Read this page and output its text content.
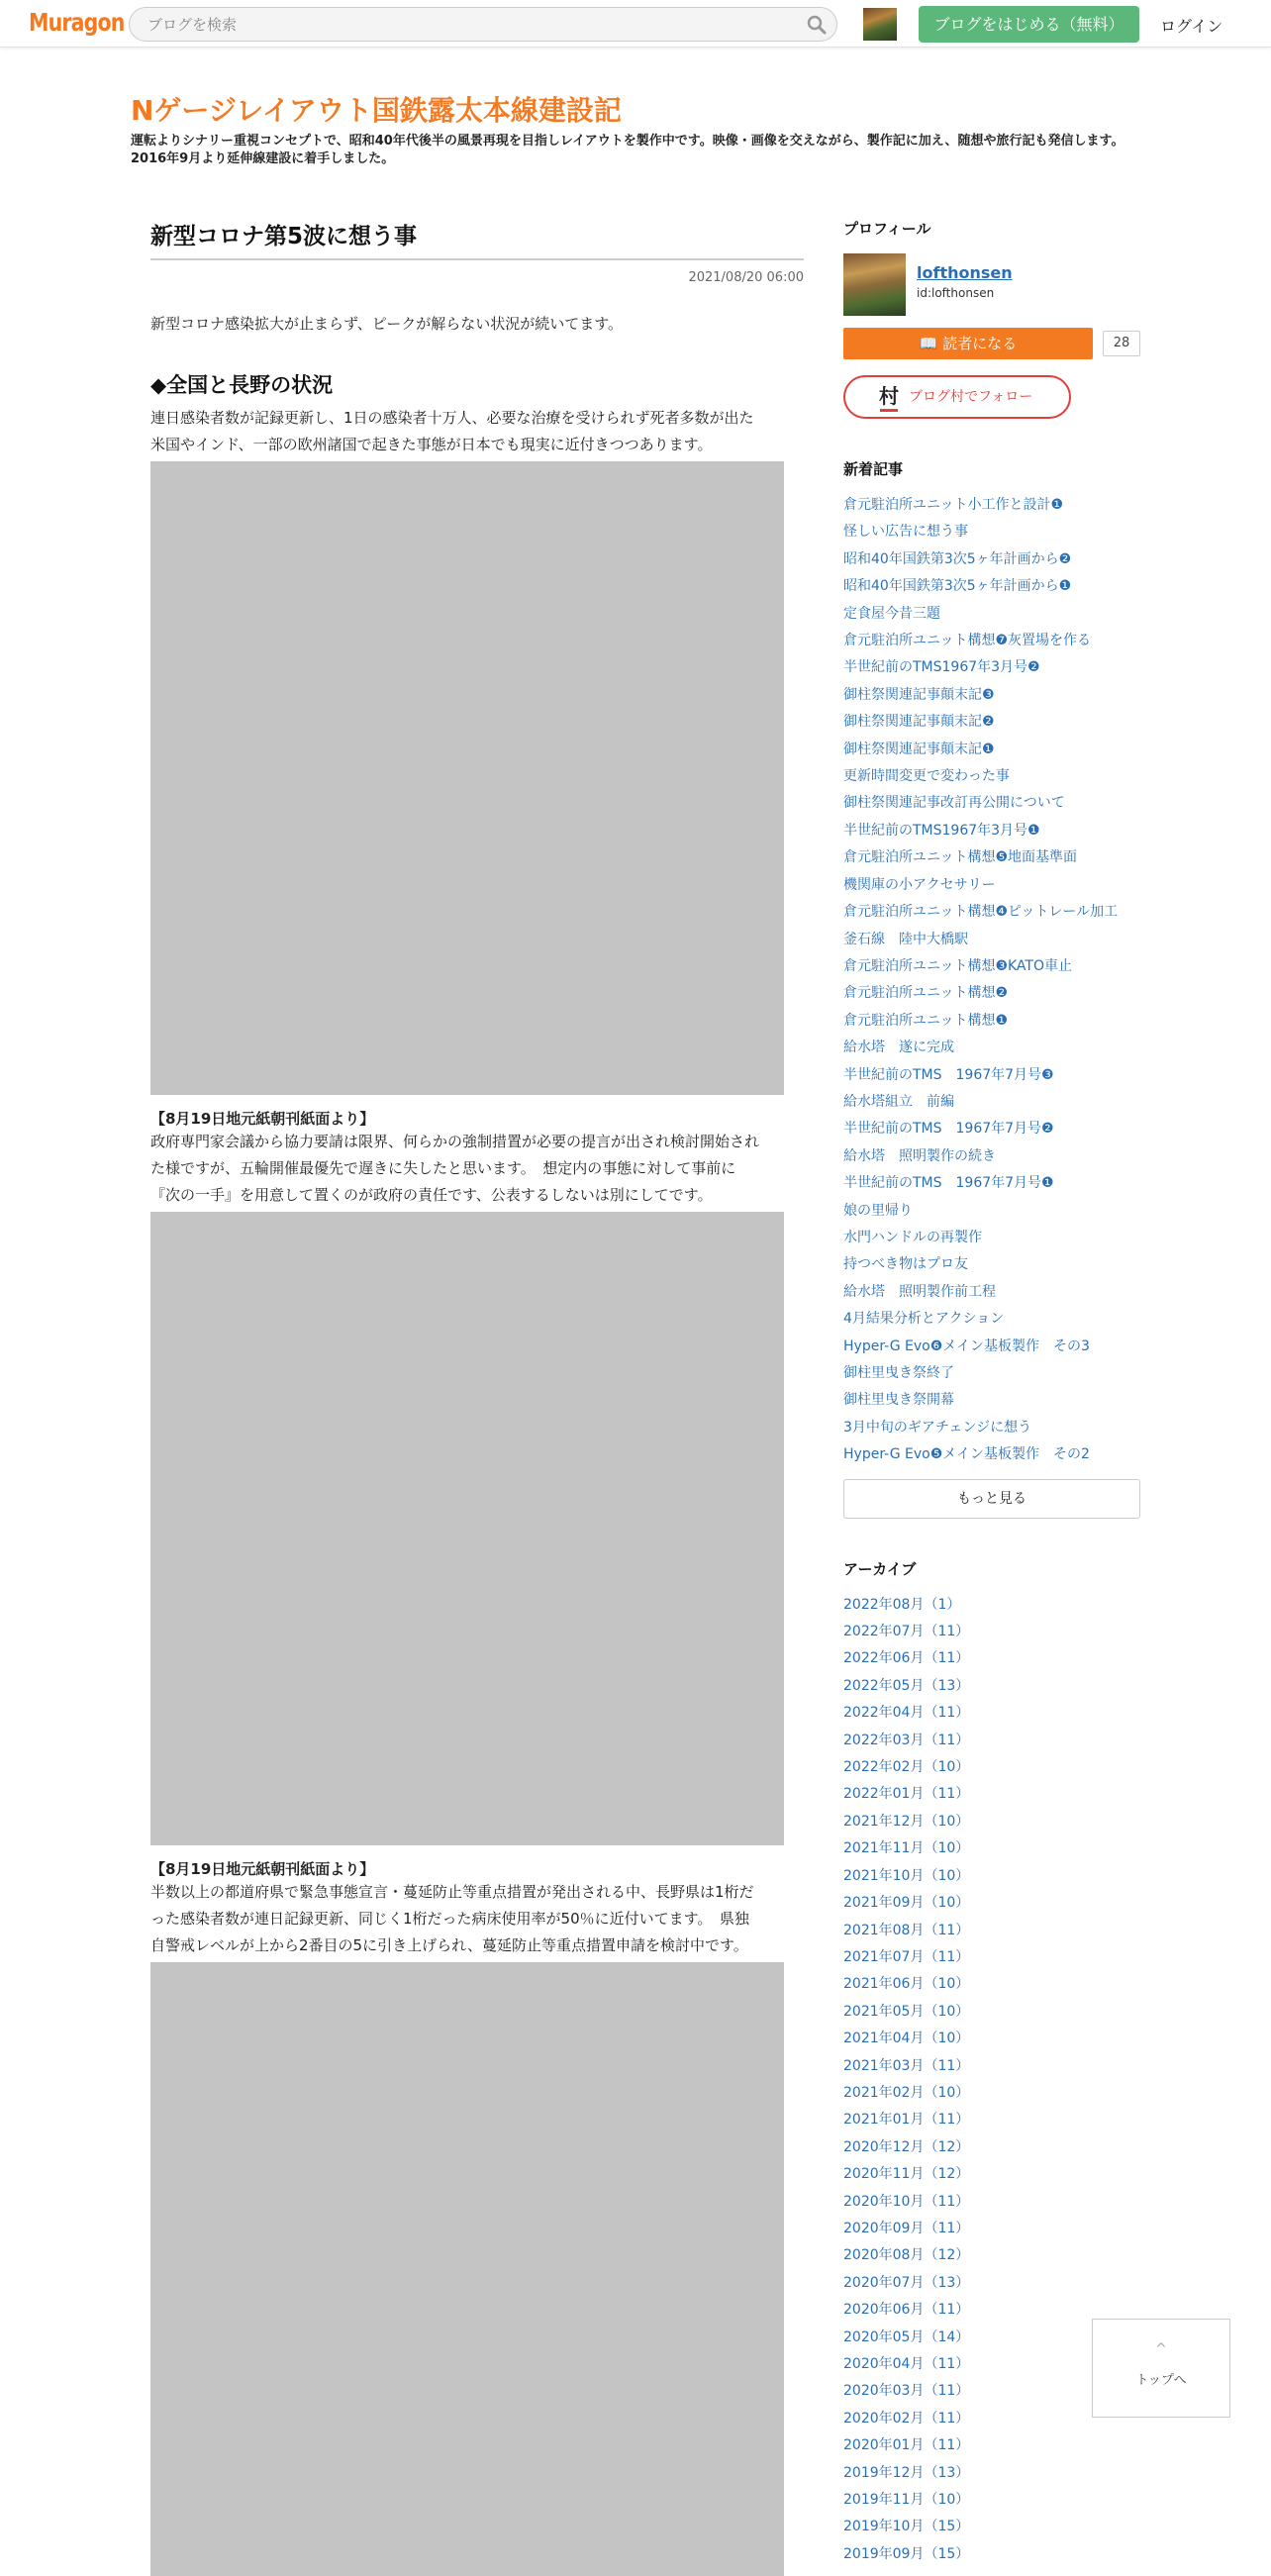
Muragon
ブログを検索	ブログをはじめる（無料）	ログイン
Nゲージレイアウト国鉄露太本線建設記
運転よりシナリー重視コンセプトで、昭和40年代後半の風景再現を目指しレイアウトを製作中です。映像・画像を交えながら、製作記に加え、随想や旅行記も発信します。2016年9月より延伸線建設に着手しました。
新型コロナ第5波に想う事
2021/08/20 06:00
新型コロナ感染拡大が止まらず、ピークが解らない状況が続いてます。
◆全国と長野の状況
連日感染者数が記録更新し、1日の感染者十万人、必要な治療を受けられず死者多数が出た
米国やインド、一部の欧州諸国で起きた事態が日本でも現実に近付きつつあります。
【8月19日地元紙朝刊紙面より】
政府専門家会議から協力要請は限界、何らかの強制措置が必要の提言が出され検討開始され
た様ですが、五輪開催最優先で遅きに失したと思います。　想定内の事態に対して事前に
『次の一手』を用意して置くのが政府の責任です、公表するしないは別にしてです。
【8月19日地元紙朝刊紙面より】
半数以上の都道府県で緊急事態宣言・蔓延防止等重点措置が発出される中、長野県は1桁だ
った感染者数が連日記録更新、同じく1桁だった病床使用率が50％に近付いてます。　県独
自警戒レベルが上から2番目の5に引き上げられ、蔓延防止等重点措置申請を検討中です。
プロフィール
lofthonsen
id:lofthonsen
📖 読者になる	28
村 ブログ村でフォロー
新着記事
倉元駐泊所ユニット小工作と設計❶
怪しい広告に想う事
昭和40年国鉄第3次5ヶ年計画から❷
昭和40年国鉄第3次5ヶ年計画から❶
定食屋今昔三題
倉元駐泊所ユニット構想❼灰置場を作る
半世紀前のTMS1967年3月号❷
御柱祭関連記事顛末記❸
御柱祭関連記事顛末記❷
御柱祭関連記事顛末記❶
更新時間変更で変わった事
御柱祭関連記事改訂再公開について
半世紀前のTMS1967年3月号❶
倉元駐泊所ユニット構想❺地面基準面
機関庫の小アクセサリー
倉元駐泊所ユニット構想❹ピットレール加工
釜石線　陸中大橋駅
倉元駐泊所ユニット構想❸KATO車止
倉元駐泊所ユニット構想❷
倉元駐泊所ユニット構想❶
給水塔　遂に完成
半世紀前のTMS　1967年7月号❸
給水塔組立　前編
半世紀前のTMS　1967年7月号❷
給水塔　照明製作の続き
半世紀前のTMS　1967年7月号❶
娘の里帰り
水門ハンドルの再製作
持つべき物はプロ友
給水塔　照明製作前工程
4月結果分析とアクション
Hyper-G Evo❻メイン基板製作　その3
御柱里曳き祭終了
御柱里曳き祭開幕
3月中旬のギアチェンジに想う
Hyper-G Evo❺メイン基板製作　その2
もっと見る
アーカイブ
2022年08月（1）
2022年07月（11）
2022年06月（11）
2022年05月（13）
2022年04月（11）
2022年03月（11）
2022年02月（10）
2022年01月（11）
2021年12月（10）
2021年11月（10）
2021年10月（10）
2021年09月（10）
2021年08月（11）
2021年07月（11）
2021年06月（10）
2021年05月（10）
2021年04月（10）
2021年03月（11）
2021年02月（10）
2021年01月（11）
2020年12月（12）
2020年11月（12）
2020年10月（11）
2020年09月（11）
2020年08月（12）
2020年07月（13）
2020年06月（11）
2020年05月（14）
2020年04月（11）
2020年03月（11）
2020年02月（11）
2020年01月（11）
2019年12月（13）
2019年11月（10）
2019年10月（15）
2019年09月（15）
^
トップへ
